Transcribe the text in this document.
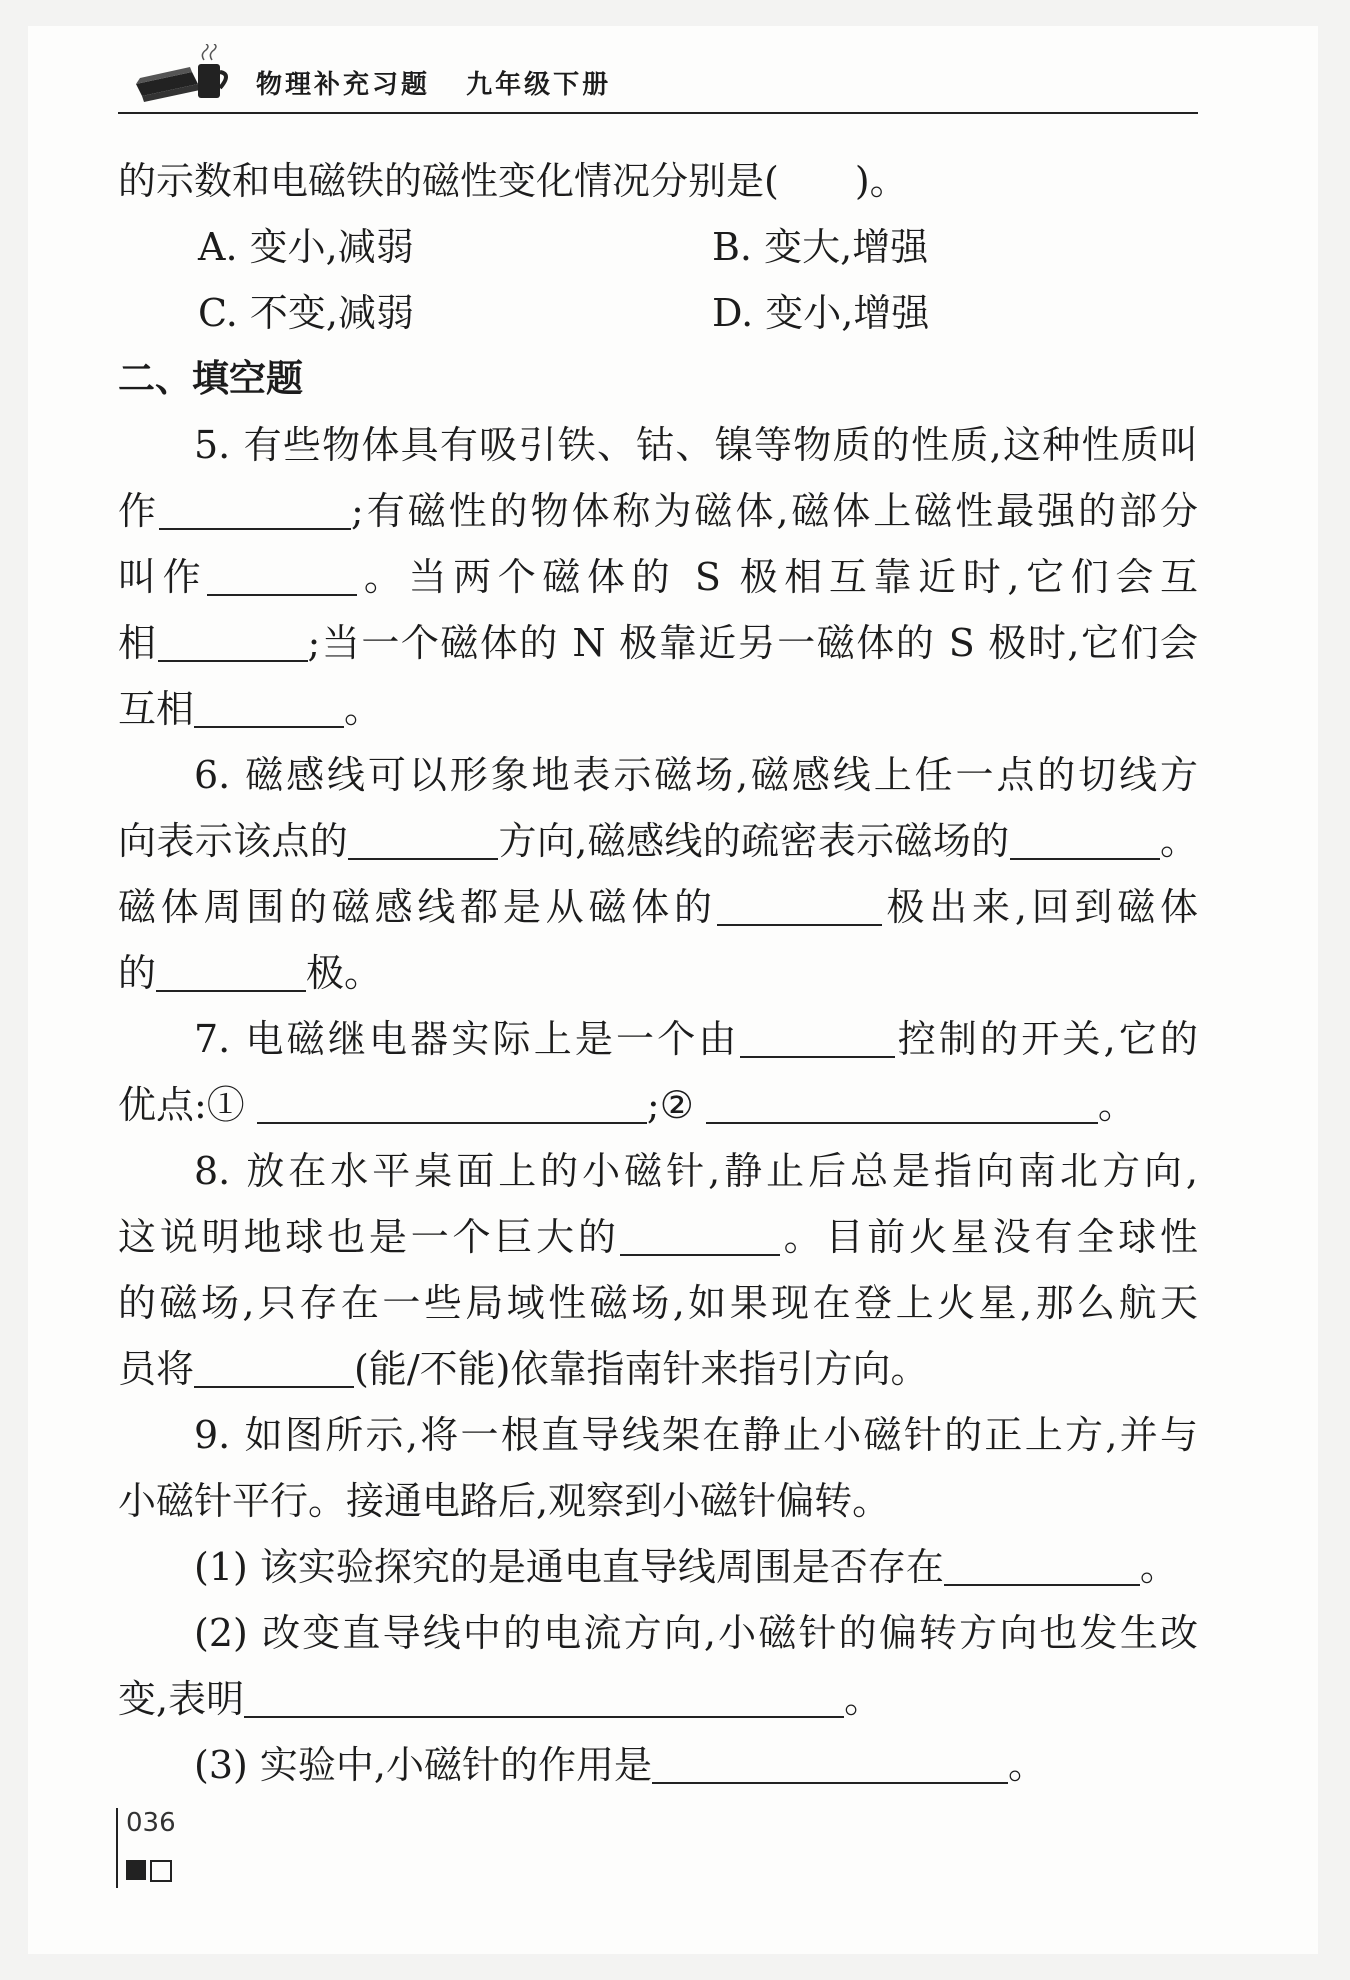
物理补充习题   九年级下册
的示数和电磁铁的磁性变化情况分别是(　　)。
A. 变小,减弱	B. 变大,增强
C. 不变,减弱	D. 变小,增强
二、填空题
5. 有些物体具有吸引铁、钴、镍等物质的性质,这种性质叫
作	;有磁性的物体称为磁体,磁体上磁性最强的部分
叫作	。当两个磁体的 S 极相互靠近时,它们会互
相	;当一个磁体的 N 极靠近另一磁体的 S 极时,它们会
互相	。
6. 磁感线可以形象地表示磁场,磁感线上任一点的切线方
向表示该点的	方向,磁感线的疏密表示磁场的	。
磁体周围的磁感线都是从磁体的	极出来,回到磁体
的	极。
7. 电磁继电器实际上是一个由	控制的开关,它的
优点:①	;②	。
8. 放在水平桌面上的小磁针,静止后总是指向南北方向,
这说明地球也是一个巨大的	。目前火星没有全球性
的磁场,只存在一些局域性磁场,如果现在登上火星,那么航天
员将	(能/不能)依靠指南针来指引方向。
9. 如图所示,将一根直导线架在静止小磁针的正上方,并与
小磁针平行。接通电路后,观察到小磁针偏转。
(1) 该实验探究的是通电直导线周围是否存在	。
(2) 改变直导线中的电流方向,小磁针的偏转方向也发生改
变,表明	。
(3) 实验中,小磁针的作用是	。
036
